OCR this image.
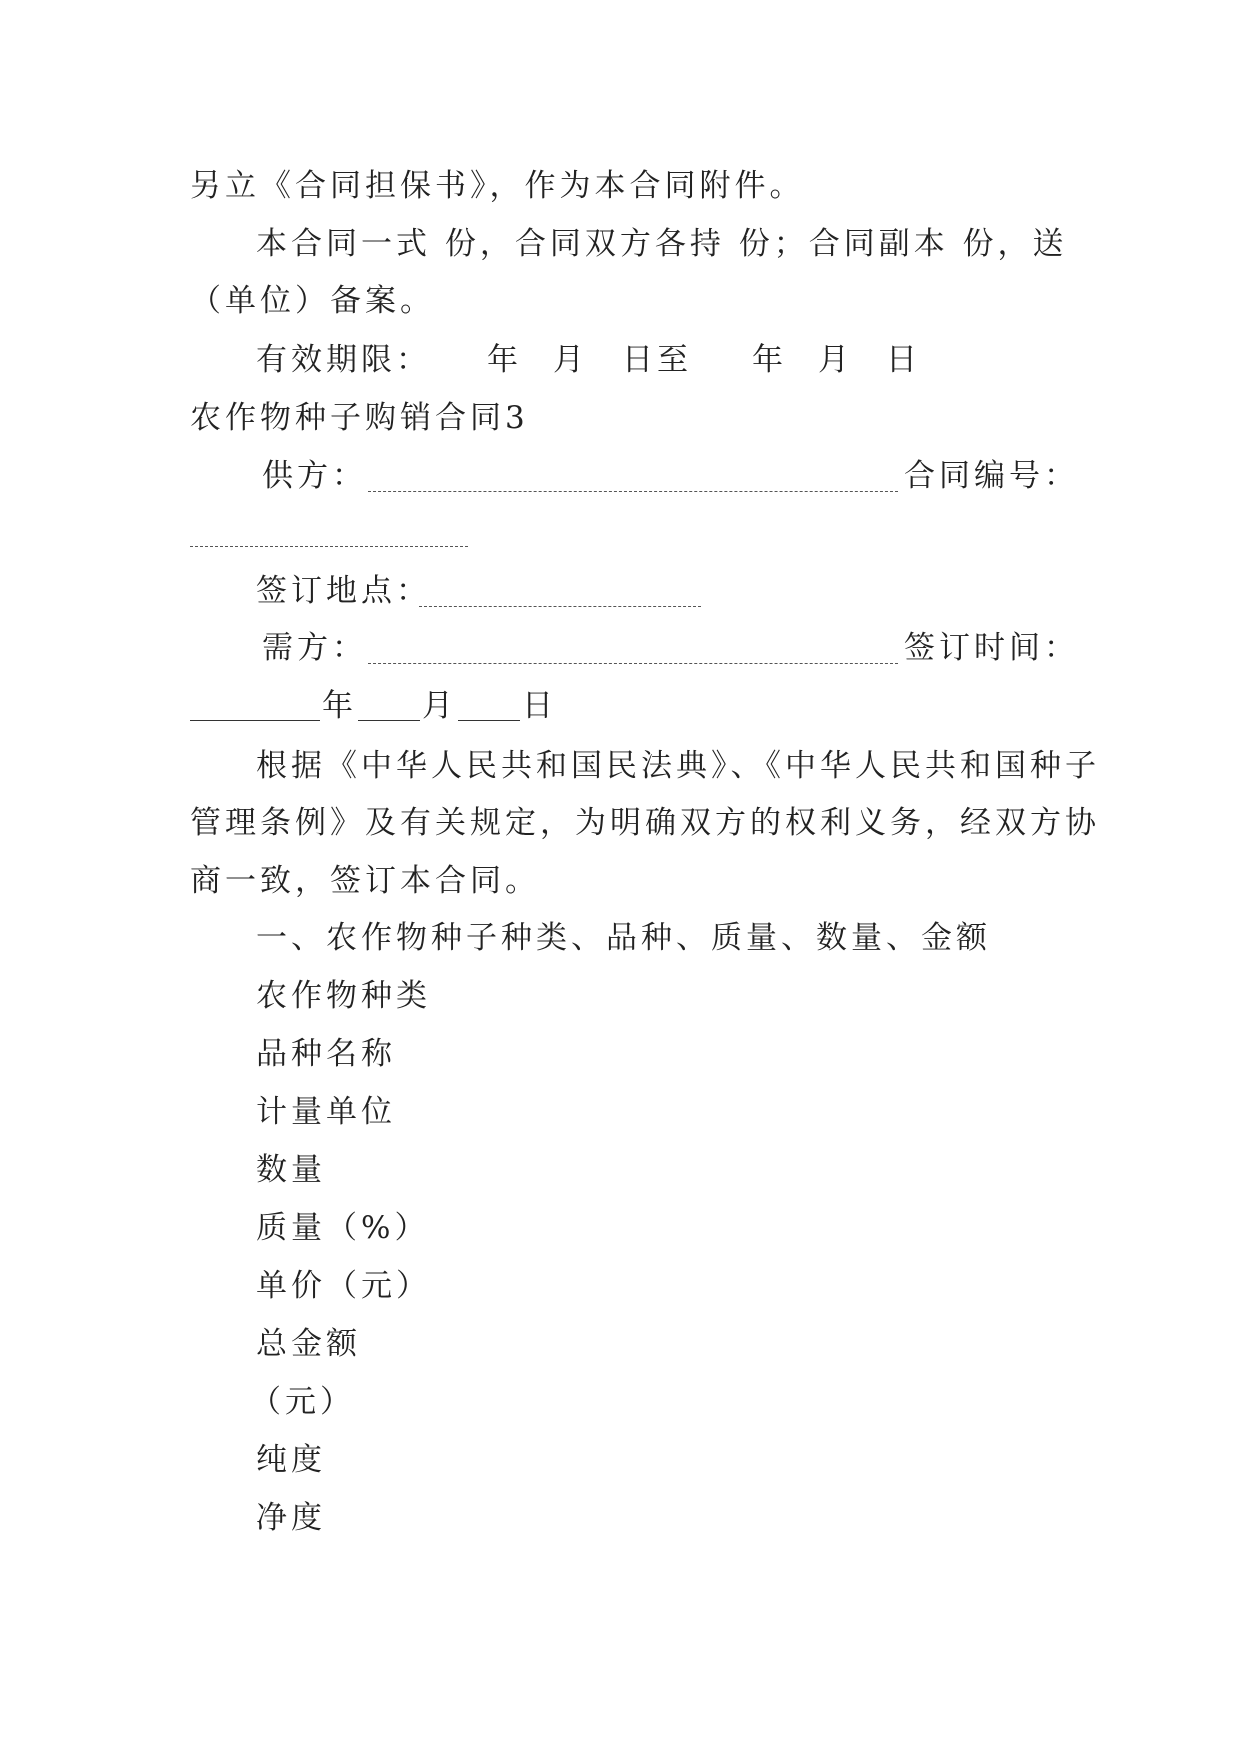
另立《合同担保书》，作为本合同附件。
本合同一式 份，合同双方各持 份；合同副本 份，送
（单位）备案。
有效期限： 年 月 日至 年 月 日
农作物种子购销合同3
供方：	合同编号：
签订地点：
需方：	签订时间：
年 月 日
根据《中华人民共和国民法典》、《中华人民共和国种子
管理条例》及有关规定，为明确双方的权利义务，经双方协
商一致，签订本合同。
一、农作物种子种类、品种、质量、数量、金额
农作物种类
品种名称
计量单位
数量
质量（%）
单价（元）
总金额
（元）
纯度
净度
